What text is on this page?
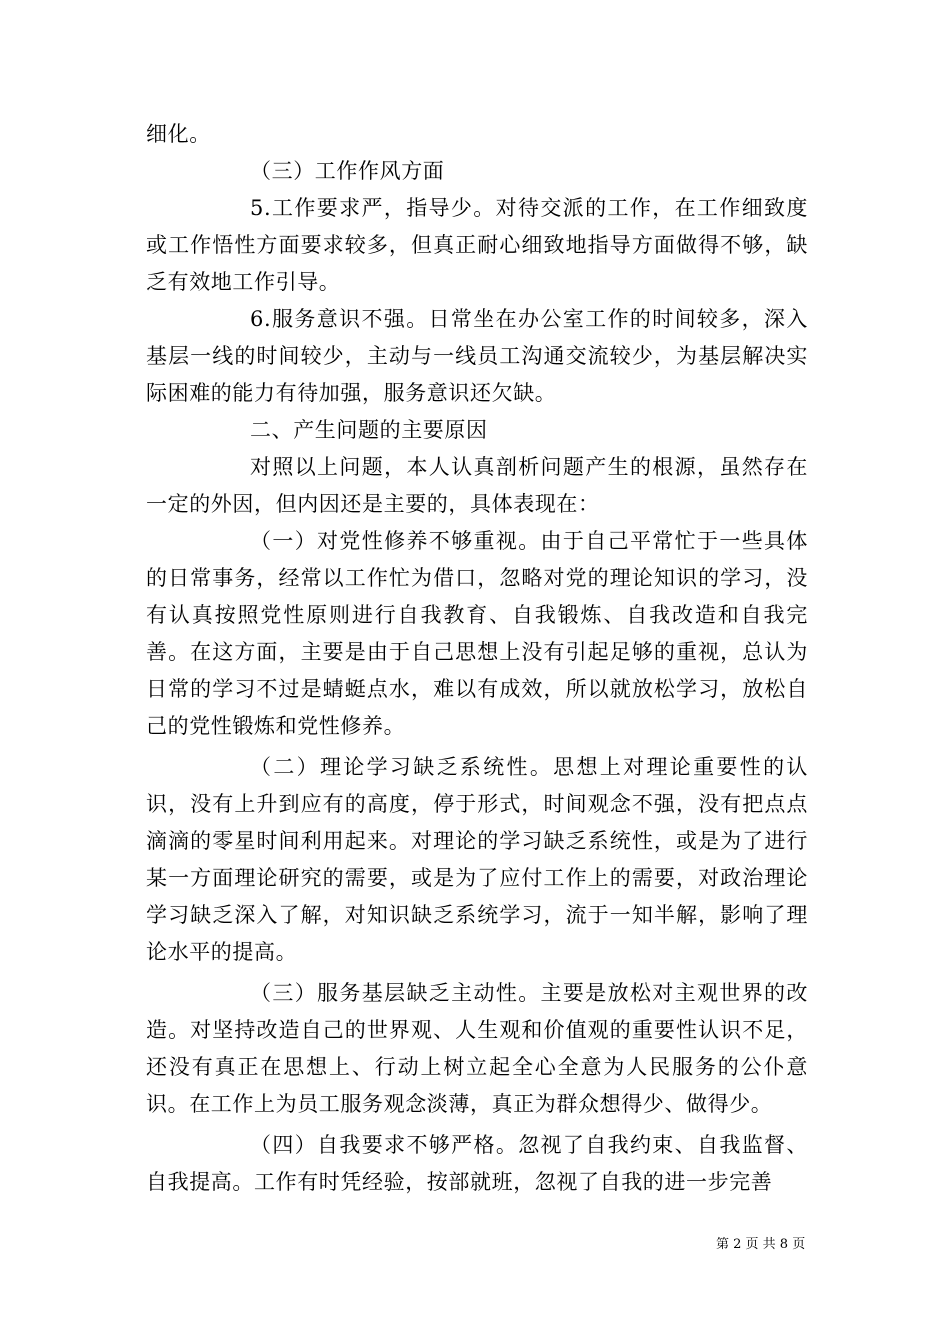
细化。

（三）工作作风方面

5.工作要求严，指导少。对待交派的工作，在工作细致度或工作悟性方面要求较多，但真正耐心细致地指导方面做得不够，缺乏有效地工作引导。

6.服务意识不强。日常坐在办公室工作的时间较多，深入基层一线的时间较少，主动与一线员工沟通交流较少，为基层解决实际困难的能力有待加强，服务意识还欠缺。

二、产生问题的主要原因

对照以上问题，本人认真剖析问题产生的根源，虽然存在一定的外因，但内因还是主要的，具体表现在：

（一）对党性修养不够重视。由于自己平常忙于一些具体的日常事务，经常以工作忙为借口，忽略对党的理论知识的学习，没有认真按照党性原则进行自我教育、自我锻炼、自我改造和自我完善。在这方面，主要是由于自己思想上没有引起足够的重视，总认为日常的学习不过是蜻蜓点水，难以有成效，所以就放松学习，放松自己的党性锻炼和党性修养。

（二）理论学习缺乏系统性。思想上对理论重要性的认识，没有上升到应有的高度，停于形式，时间观念不强，没有把点点滴滴的零星时间利用起来。对理论的学习缺乏系统性，或是为了进行某一方面理论研究的需要，或是为了应付工作上的需要，对政治理论学习缺乏深入了解，对知识缺乏系统学习，流于一知半解，影响了理论水平的提高。

（三）服务基层缺乏主动性。主要是放松对主观世界的改造。对坚持改造自己的世界观、人生观和价值观的重要性认识不足，还没有真正在思想上、行动上树立起全心全意为人民服务的公仆意识。在工作上为员工服务观念淡薄，真正为群众想得少、做得少。

（四）自我要求不够严格。忽视了自我约束、自我监督、自我提高。工作有时凭经验，按部就班，忽视了自我的进一步完善

第 2 页 共 8 页
